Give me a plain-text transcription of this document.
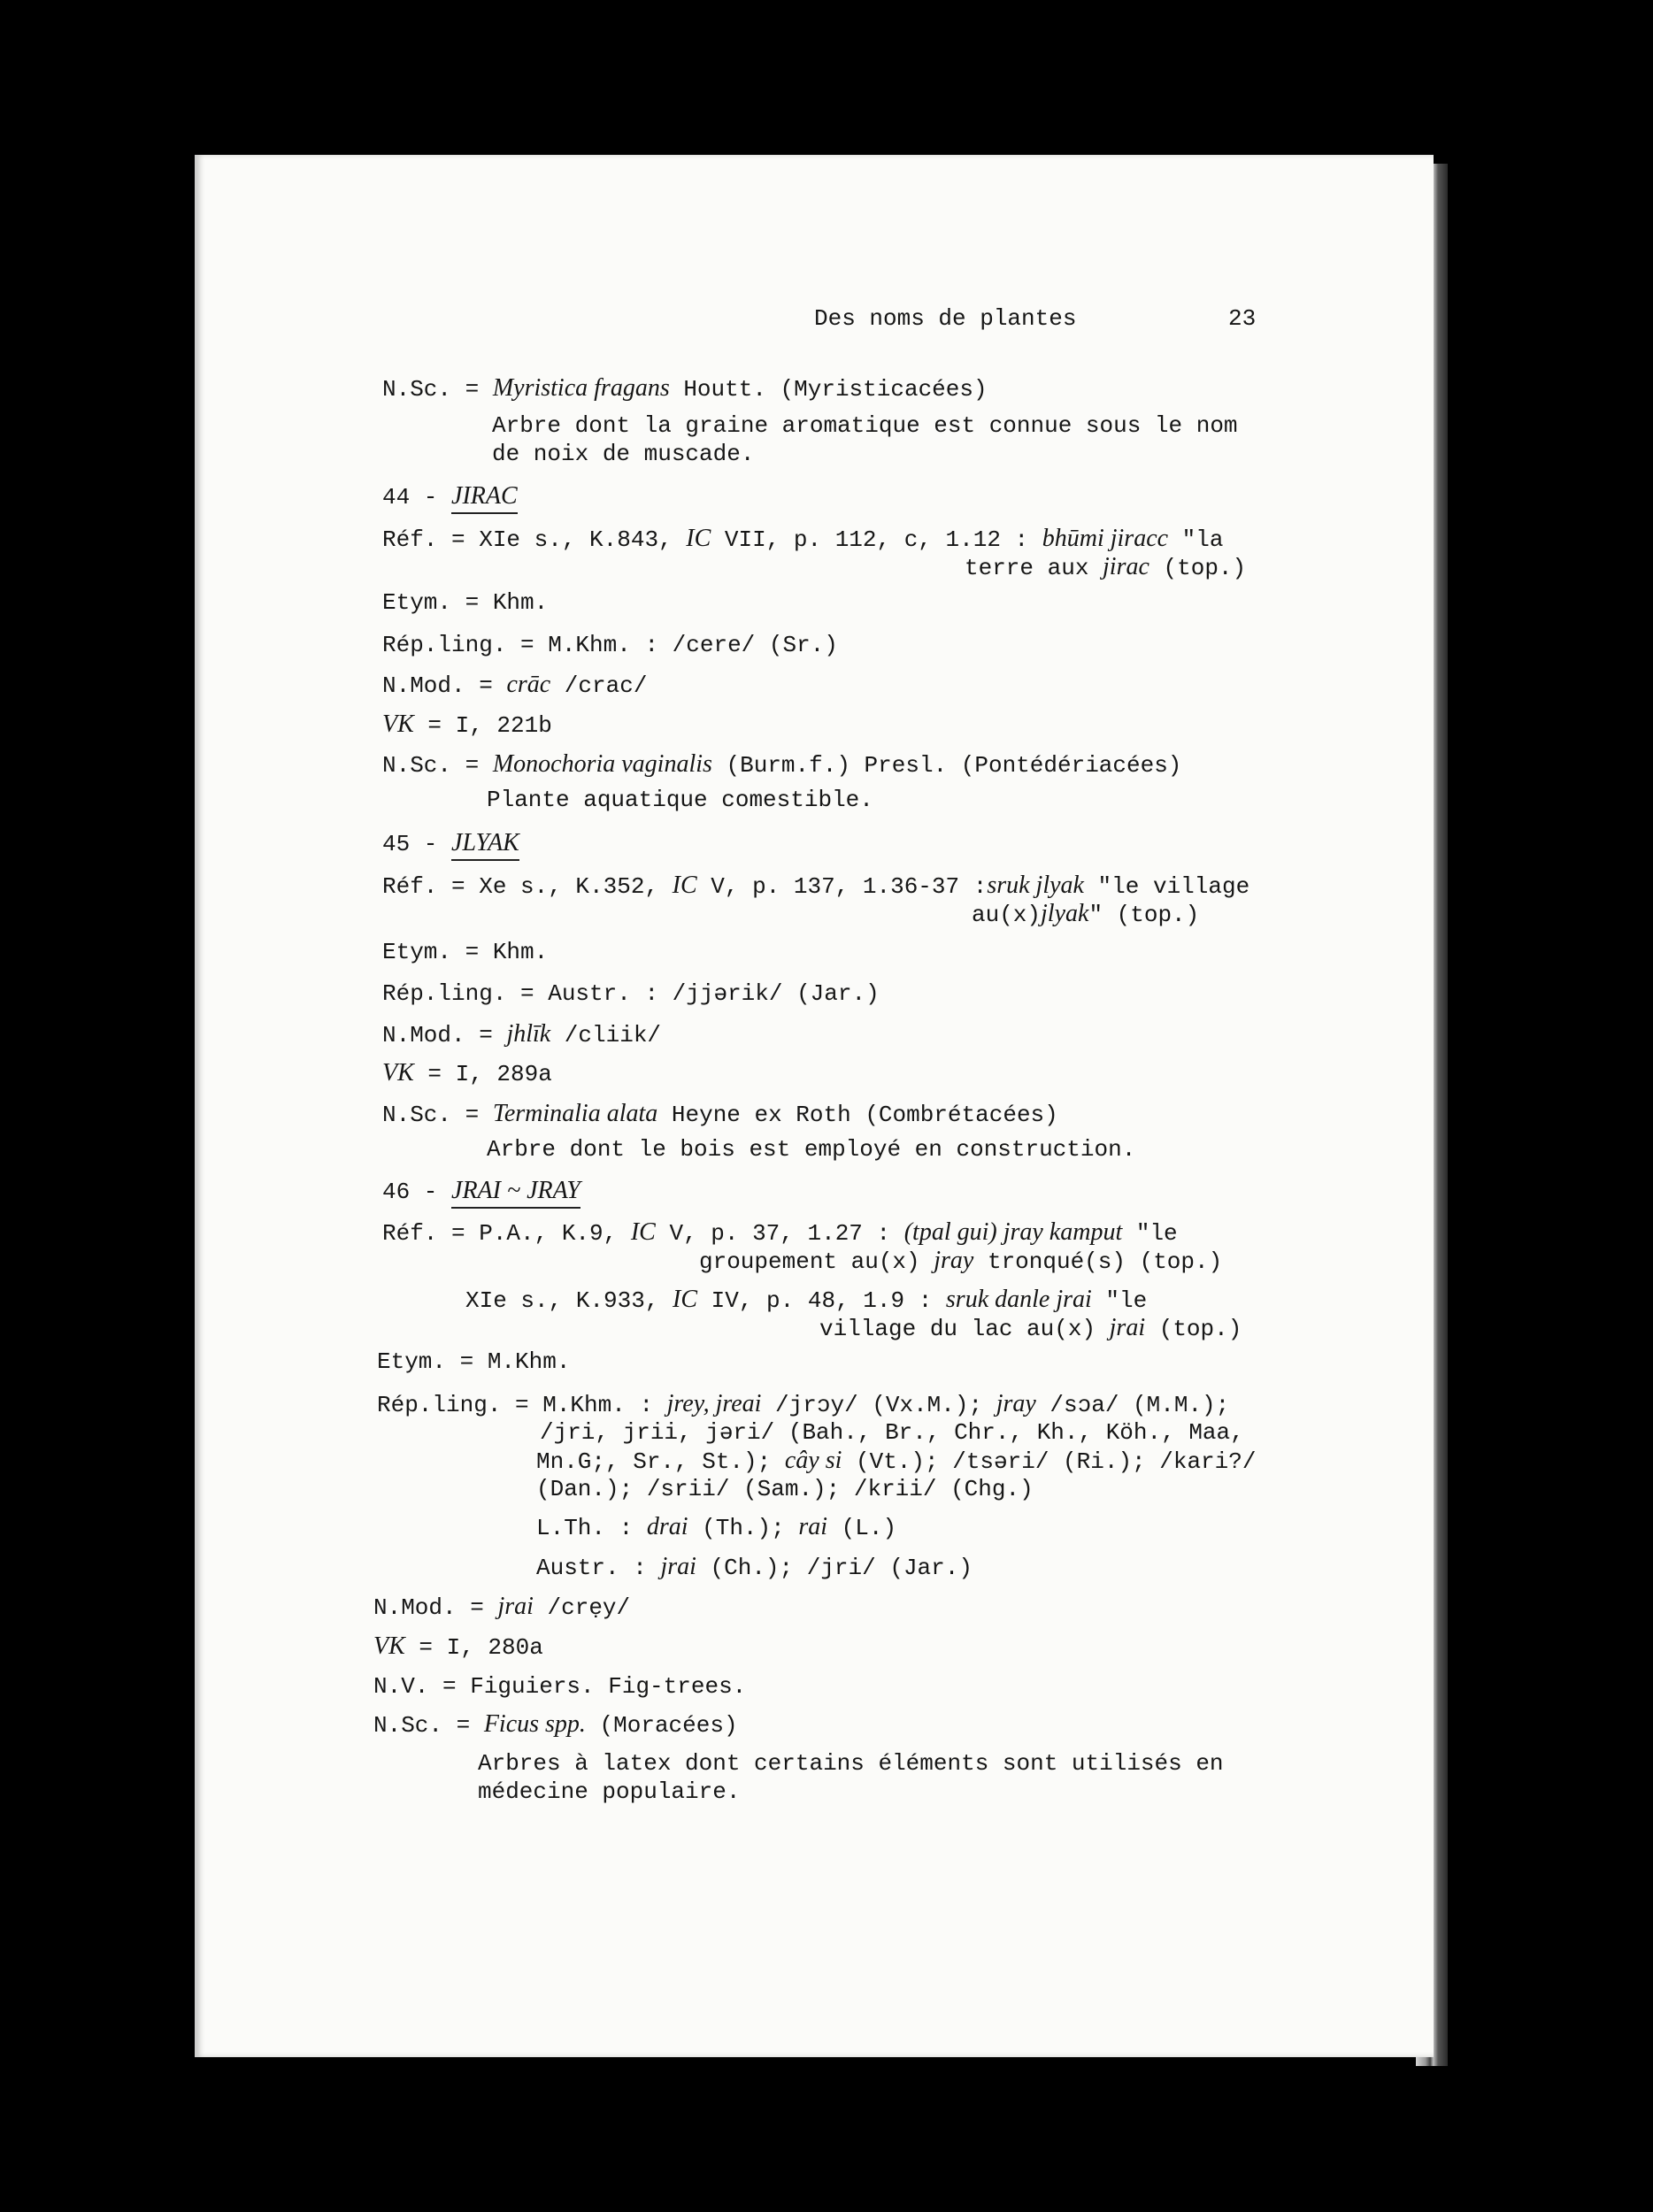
Des noms de plantes	23
N.Sc. = Myristica fragans Houtt. (Myristicacées)
Arbre dont la graine aromatique est connue sous le nom
de noix de muscade.
44 - JIRAC
Réf. = XIe s., K.843, IC VII, p. 112, c, 1.12 : bhūmi jiracc "la
terre aux jirac (top.)
Etym. = Khm.
Rép.ling. = M.Khm. : /cere/ (Sr.)
N.Mod. = crāc /crac/
VK = I, 221b
N.Sc. = Monochoria vaginalis (Burm.f.) Presl. (Pontédériacées)
Plante aquatique comestible.
45 - JLYAK
Réf. = Xe s., K.352, IC V, p. 137, 1.36-37 :sruk jlyak "le village
au(x)jlyak" (top.)
Etym. = Khm.
Rép.ling. = Austr. : /jjərik/ (Jar.)
N.Mod. = jhlīk /cliik/
VK = I, 289a
N.Sc. = Terminalia alata Heyne ex Roth (Combrétacées)
Arbre dont le bois est employé en construction.
46 - JRAI ~ JRAY
Réf. = P.A., K.9, IC V, p. 37, 1.27 : (tpal gui) jray kamput "le
groupement au(x) jray tronqué(s) (top.)
XIe s., K.933, IC IV, p. 48, 1.9 : sruk danle jrai "le
village du lac au(x) jrai (top.)
Etym. = M.Khm.
Rép.ling. = M.Khm. : jrey, jreai /jrɔy/ (Vx.M.); jray /sɔa/ (M.M.);
/jri, jrii, jəri/ (Bah., Br., Chr., Kh., Köh., Maa,
Mn.G;, Sr., St.); cây si (Vt.); /tsəri/ (Ri.); /kari?/
(Dan.); /srii/ (Sam.); /krii/ (Chg.)
L.Th. : drai (Th.); rai (L.)
Austr. : jrai (Ch.); /jri/ (Jar.)
N.Mod. = jrai /crẹy/
VK = I, 280a
N.V. = Figuiers. Fig-trees.
N.Sc. = Ficus spp. (Moracées)
Arbres à latex dont certains éléments sont utilisés en
médecine populaire.
